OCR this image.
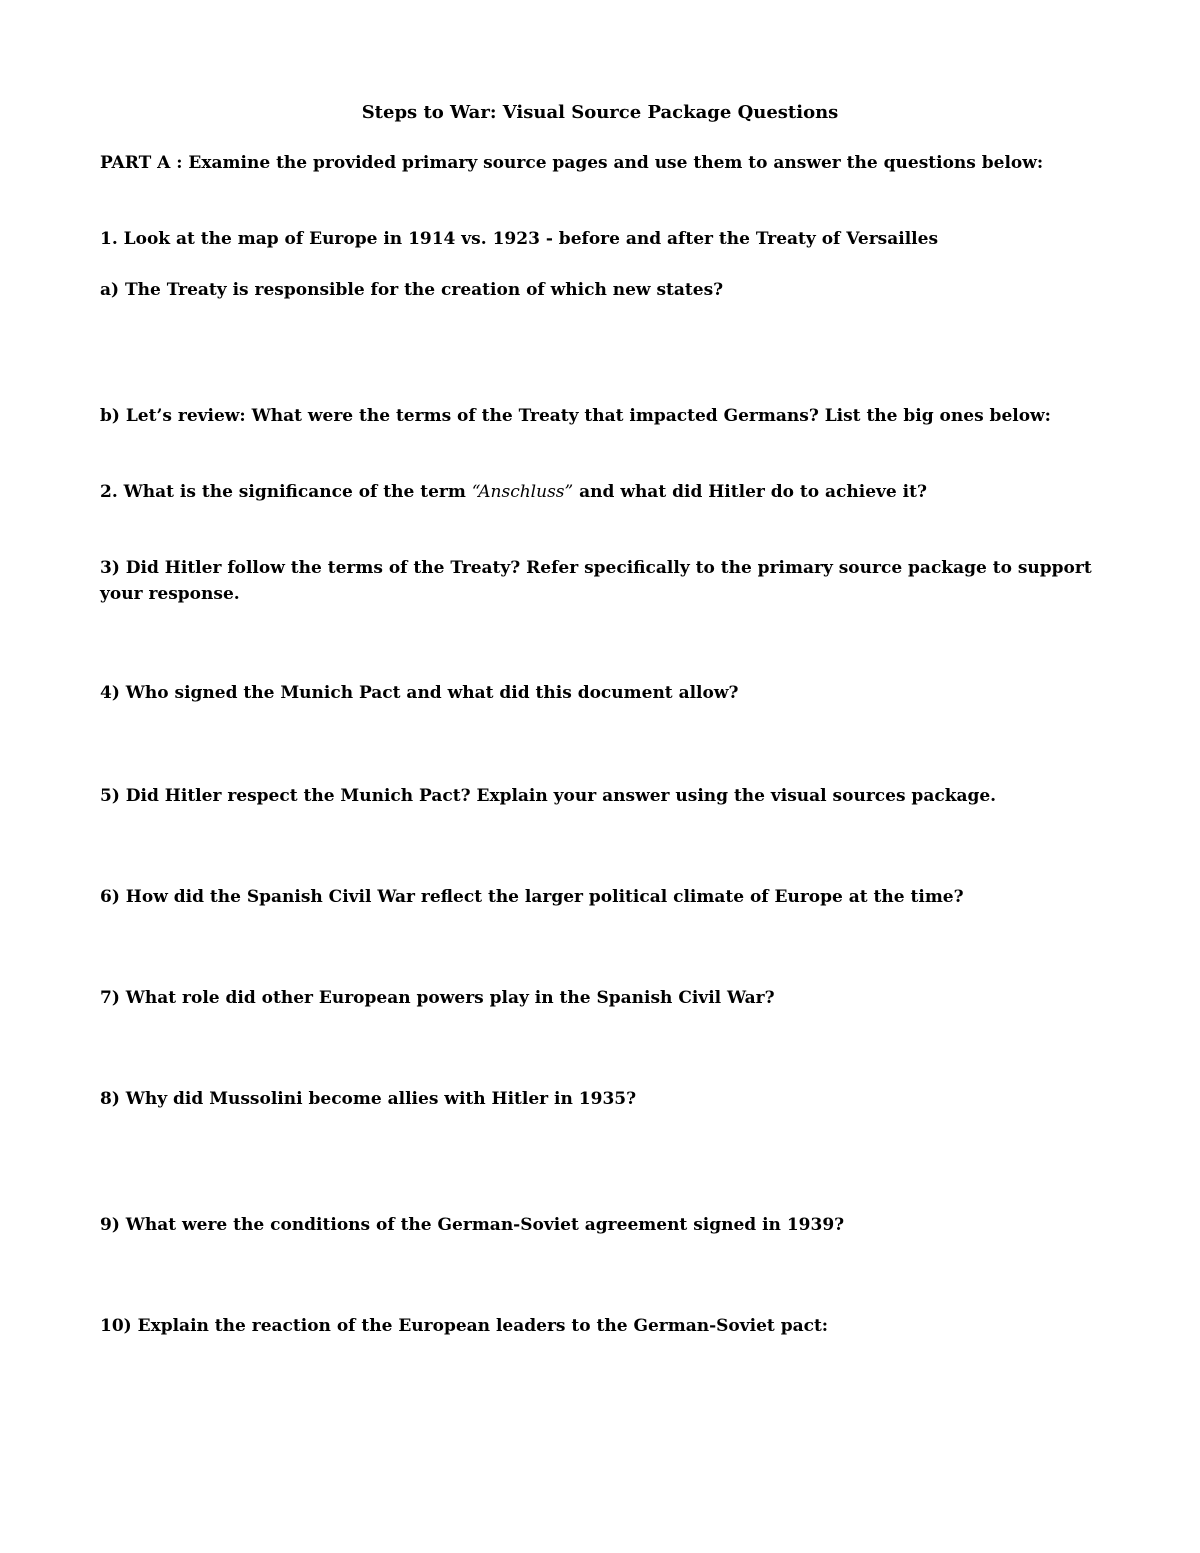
Steps to War: Visual Source Package Questions
PART A : Examine the provided primary source pages and use them to answer the questions below:
1. Look at the map of Europe in 1914 vs. 1923 - before and after the Treaty of Versailles
a) The Treaty is responsible for the creation of which new states?
b) Let’s review: What were the terms of the Treaty that impacted Germans? List the big ones below:
2. What is the significance of the term “Anschluss” and what did Hitler do to achieve it?
3) Did Hitler follow the terms of the Treaty? Refer specifically to the primary source package to support your response.
4) Who signed the Munich Pact and what did this document allow?
5) Did Hitler respect the Munich Pact? Explain your answer using the visual sources package.
6) How did the Spanish Civil War reflect the larger political climate of Europe at the time?
7) What role did other European powers play in the Spanish Civil War?
8) Why did Mussolini become allies with Hitler in 1935?
9) What were the conditions of the German-Soviet agreement signed in 1939?
10) Explain the reaction of the European leaders to the German-Soviet pact:
